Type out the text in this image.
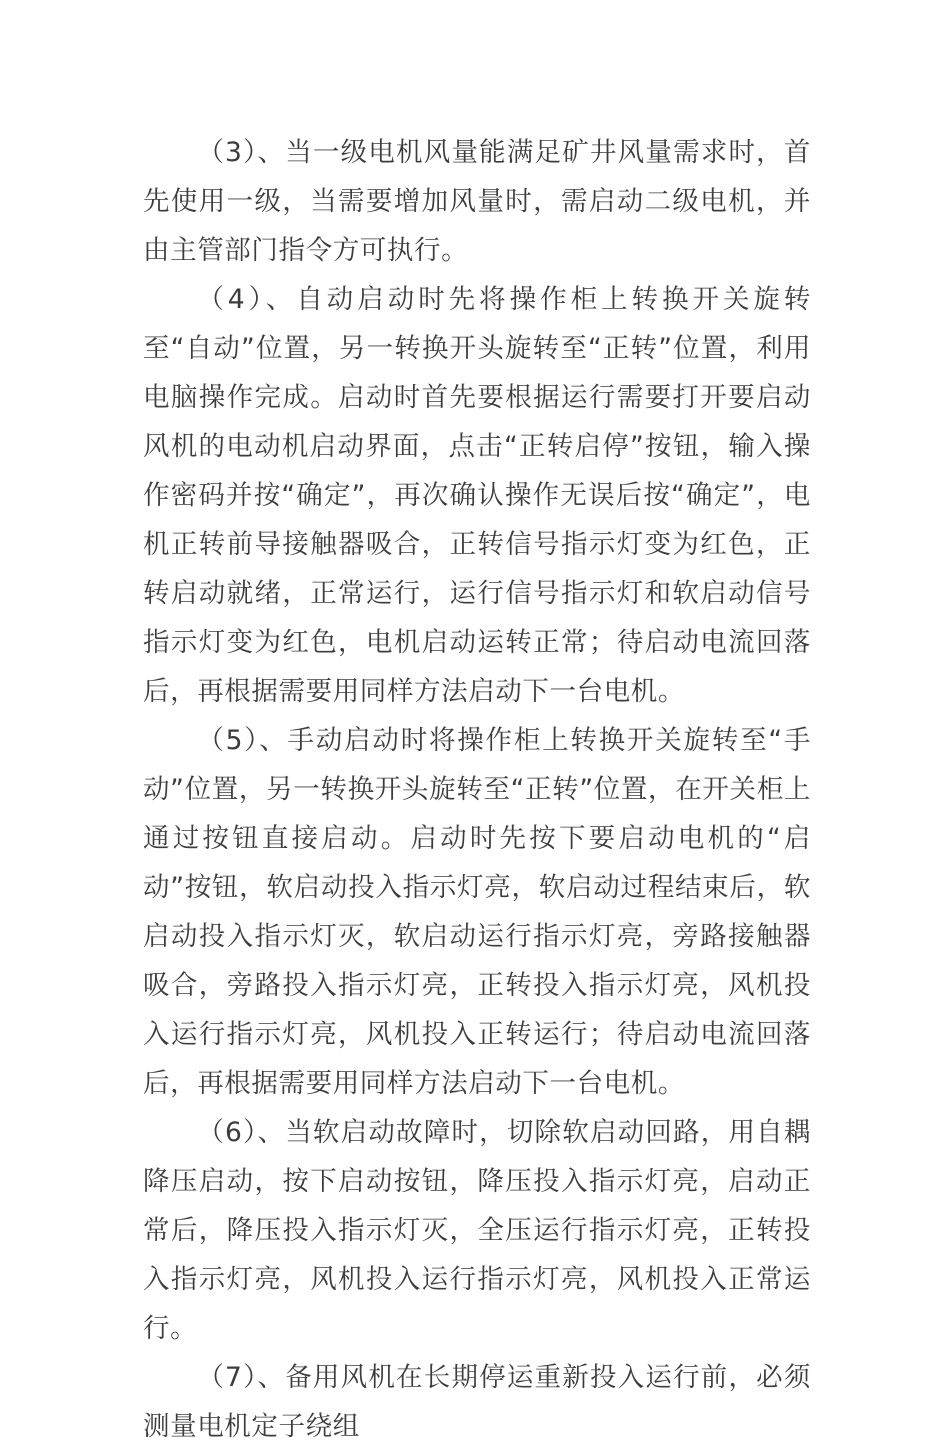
（3）、当一级电机风量能满足矿井风量需求时，首先使用一级，当需要增加风量时，需启动二级电机，并由主管部门指令方可执行。

（4）、自动启动时先将操作柜上转换开关旋转至“自动”位置，另一转换开头旋转至“正转”位置，利用电脑操作完成。启动时首先要根据运行需要打开要启动风机的电动机启动界面，点击“正转启停”按钮，输入操作密码并按“确定”，再次确认操作无误后按“确定”，电机正转前导接触器吸合，正转信号指示灯变为红色，正转启动就绪，正常运行，运行信号指示灯和软启动信号指示灯变为红色，电机启动运转正常；待启动电流回落后，再根据需要用同样方法启动下一台电机。

（5）、手动启动时将操作柜上转换开关旋转至“手动”位置，另一转换开头旋转至“正转”位置，在开关柜上通过按钮直接启动。启动时先按下要启动电机的“启动”按钮，软启动投入指示灯亮，软启动过程结束后，软启动投入指示灯灭，软启动运行指示灯亮，旁路接触器吸合，旁路投入指示灯亮，正转投入指示灯亮，风机投入运行指示灯亮，风机投入正转运行；待启动电流回落后，再根据需要用同样方法启动下一台电机。

（6）、当软启动故障时，切除软启动回路，用自耦降压启动，按下启动按钮，降压投入指示灯亮，启动正常后，降压投入指示灯灭，全压运行指示灯亮，正转投入指示灯亮，风机投入运行指示灯亮，风机投入正常运行。

（7）、备用风机在长期停运重新投入运行前，必须测量电机定子绕组
